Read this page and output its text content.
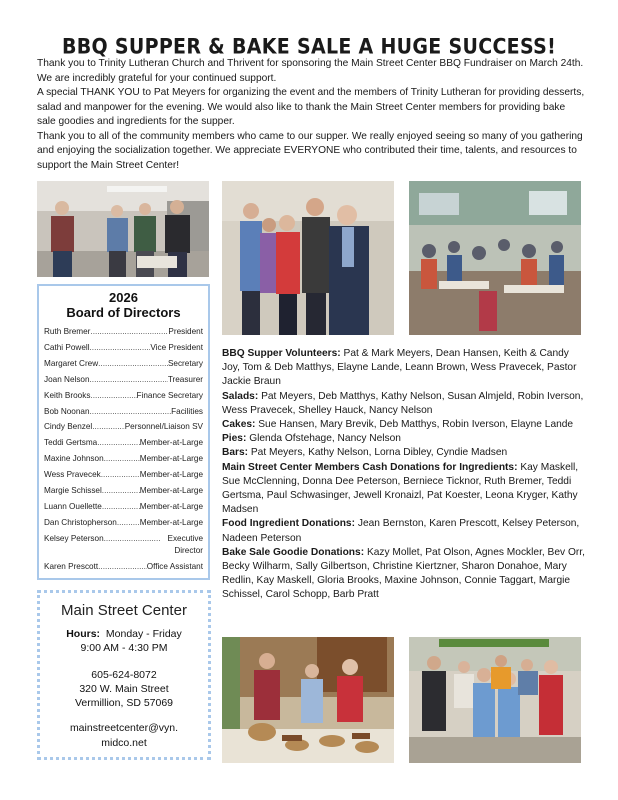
BBQ SUPPER & BAKE SALE A HUGE SUCCESS!

Thank you to Trinity Lutheran Church and Thrivent for sponsoring the Main Street Center BBQ Fundraiser on March 24th. We are incredibly grateful for your continued support.

A special THANK YOU to Pat Meyers for organizing the event and the members of Trinity Lutheran for providing desserts, salad and manpower for the evening. We would also like to thank the Main Street Center members for providing bake sale goodies and ingredients for the supper.

Thank you to all of the community members who came to our supper. We really enjoyed seeing so many of you gathering and enjoying the socialization together. We appreciate EVERYONE who contributed their time, talents, and resources to support the Main Street Center!

2026
Board of Directors
Ruth Bremer .....	President
Cathi Powell .....	Vice President
Margaret Crew .....	Secretary
Joan Nelson .....	Treasurer
Keith Brooks .....	Finance Secretary
Bob Noonan .....	Facilities
Cindy Benzel .....	Personnel/Liaison SV
Teddi Gertsma .....	Member-at-Large
Maxine Johnson .....	Member-at-Large
Wess Pravecek .....	Member-at-Large
Margie Schissel .....	Member-at-Large
Luann Ouellette .....	Member-at-Large
Dan Christopherson .....	Member-at-Large
Kelsey Peterson .....	Executive Director
Karen Prescott .....	Office Assistant
Main Street Center
Hours: Monday - Friday
9:00 AM - 4:30 PM
605-624-8072
320 W. Main Street
Vermillion, SD 57069
mainstreetcenter@vyn.
midco.net

BBQ Supper Volunteers: Pat & Mark Meyers, Dean Hansen, Keith & Candy Joy, Tom & Deb Matthys, Elayne Lande, Leann Brown, Wess Pravecek, Pastor Jackie Braun

Salads: Pat Meyers, Deb Matthys, Kathy Nelson, Susan Almjeld, Robin Iverson, Wess Pravecek, Shelley Hauck, Nancy Nelson

Cakes: Sue Hansen, Mary Brevik, Deb Matthys, Robin Iverson, Elayne Lande

Pies: Glenda Ofstehage, Nancy Nelson

Bars: Pat Meyers, Kathy Nelson, Lorna Dibley, Cyndie Madsen

Main Street Center Members Cash Donations for Ingredients: Kay Maskell, Sue McClenning, Donna Dee Peterson, Berniece Ticknor, Ruth Bremer, Teddi Gertsma, Paul Schwasinger, Jewell Kronaizl, Pat Koester, Leona Kryger, Kathy Madsen

Food Ingredient Donations: Jean Bernston, Karen Prescott, Kelsey Peterson, Nadeen Peterson

Bake Sale Goodie Donations: Kazy Mollet, Pat Olson, Agnes Mockler, Bev Orr, Becky Wilharm, Sally Gilbertson, Christine Kiertzner, Sharon Donahoe, Mary Redlin, Kay Maskell, Gloria Brooks, Maxine Johnson, Connie Taggart, Margie Schissel, Carol Schopp, Barb Pratt
